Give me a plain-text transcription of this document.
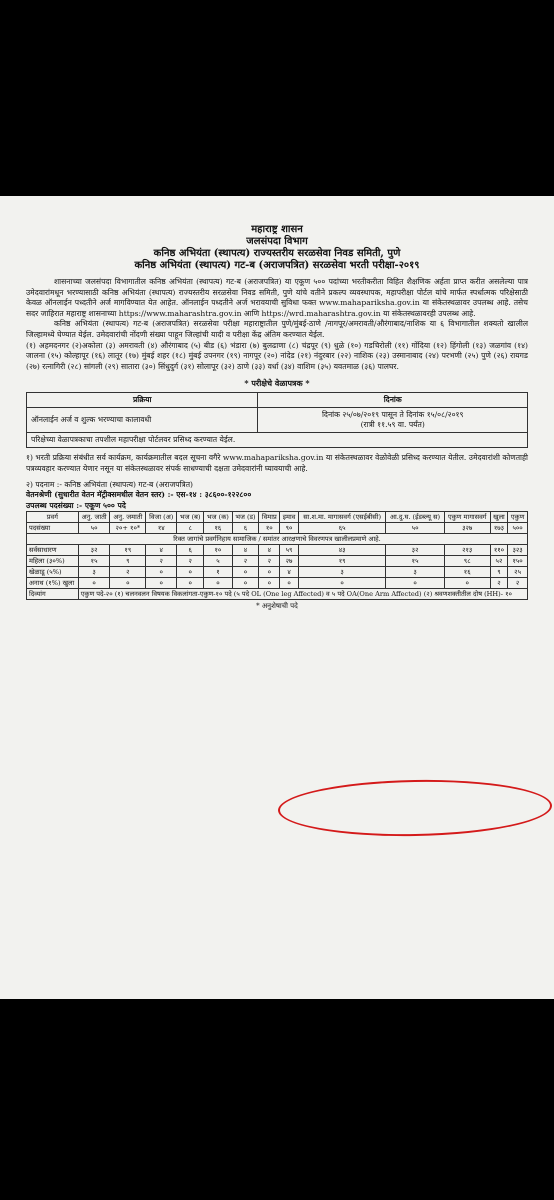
महाराष्ट्र शासन
जलसंपदा विभाग
कनिष्ठ अभियंता (स्थापत्य) राज्यस्तरीय सरळसेवा निवड समिती, पुणे
कनिष्ठ अभियंता (स्थापत्य) गट-ब (अराजपत्रित) सरळसेवा भरती परीक्षा-२०१९

शासनाच्या जलसंपदा विभागातील कनिष्ठ अभियंता (स्थापत्य) गट-ब (अराजपत्रित) या एकूण ५०० पदांच्या भरतीकरीता विहित शैक्षणिक अर्हता प्राप्त करीत असलेल्या पात्र उमेदवारांमधून भरण्यासाठी कनिष्ठ अभियंता (स्थापत्य) राज्यस्तरीय सरळसेवा निवड समिती, पुणे यांचे वतीने प्रकल्प व्यवस्थापक, महापरीक्षा पोर्टल यांचे मार्फत स्पर्धात्मक परिक्षेसाठी केवळ ऑनलाईन पध्दतीने अर्ज मागविण्यात येत आहेत. ऑनलाईन पध्दतीने अर्ज भरावयाची सुविधा फक्त www.mahapariksha.gov.in या संकेतस्थळावर उपलब्ध आहे. तसेच सदर जाहिरात महाराष्ट्र शासनाच्या https://www.maharashtra.gov.in आणि https://wrd.maharashtra.gov.in या संकेतस्थळावरही उपलब्ध आहे.

कनिष्ठ अभियंता (स्थापत्य) गट-ब (अराजपत्रित) सरळसेवा परीक्षा महाराष्ट्रातील पुणे/मुंबई-ठाणे /नागपूर/अमरावती/औरंगाबाद/नाशिक या ६ विभागातील शक्यतो खालील जिल्हामध्ये घेण्यात येईल. उमेदवारांची नोंदणी संख्या पाहून जिल्हांची यादी व परीक्षा केंद्र अंतिम करण्यात येईल.

(१) अहमदनगर (२)अकोला (३) अमरावती (४) औरंगाबाद (५) बीड (६) भंडारा (७) बुलढाणा (८) चंद्रपूर (९) धुळे (१०) गडचिरोली (११) गोंदिया (१२) हिंगोली (१३) जळगांव (१४) जालना (१५) कोल्हापूर (१६) लातूर (१७) मुंबई शहर (१८) मुंबई उपनगर (१९) नागपूर (२०) नांदेड (२१) नंदुरबार (२२) नाशिक (२३) उस्मानाबाद (२४) परभणी (२५) पुणे (२६) रायगड (२७) रत्नागिरी (२८) सांगली (२९) सातारा (३०) सिंधुदुर्ग (३१) सोलापूर (३२) ठाणे (३३) वर्धा (३४) वाशिम (३५) यवतमाळ (३६) पालघर.

* परीक्षेचे वेळापत्रक *
प्रक्रिया	दिनांक
ऑनलाईन अर्ज व शुल्क भरण्याचा कालावधी	दिनांक २५/०७/२०१९ पासून ते दिनांक १५/०८/२०१९
(रात्री ११.५९ वा. पर्यंत)

परिक्षेच्या वेळापत्रकाचा तपशील महापरीक्षा पोर्टलवर प्रसिध्द करण्यात येईल.	

१) भरती प्रक्रिया संबंधीत सर्व कार्यक्रम, कार्यक्रमातील बदल सूचना वगैरे www.mahapariksha.gov.in या संकेतस्थळावर वेळोवेळी प्रसिध्द करण्यात येतील. उमेदवारांशी कोणताही पत्रव्यवहार करण्यात येणार नसून या संकेतस्थळावर संपर्क साधण्याची दक्षता उमेदवारांनी घ्यावयाची आहे.

२) पदनाम :- कनिष्ठ अभियंता (स्थापत्य) गट-ब (अराजपत्रित)

वेतनश्रेणी (सुधारीत वेतन मॅट्रीक्समधील वेतन स्तर) :- एस-१४ : ३८६००-१२२८००

उपलब्ध पदसंख्या :- एकूण ५०० पदे

प्रवर्ग	अनु. जाती	अनु. जमाती	विजा (अ)	भज (ब)	भज (क)	भज (ड)	विमाप्र	इमाव	सा.श.मा. मागासवर्ग (एसईबीसी)	आ.दु.घ. (ईडब्ल्यू स)	एकुण मागासवर्ग	खुला	एकुण
पदसंख्या	५०	२०+ १०*	१४	८	१६	६	१०	९०	६५	५०	३२७	१७३	५००
रिक्त जागांचे प्रवर्गनिहाय सामाजिक / समांतर आरक्षणाचे विवरणपत्र खालीलप्रमाणे आहे.													
सर्वसाधारण	३२	१९	४	६	१०	४	४	५९	४३	३२	२१३	११०	३२३
महिला (३०%)	१५	९	२	२	५	२	२	२७	१९	१५	९८	५२	१५०
खेळाडू (५%)	३	२	०	०	१	०	०	४	३	३	१६	९	२५
अनाथ (१%) खुला	०	०	०	०	०	०	०	०	०	०	०	२	२
दिव्यांग	एकुण पदे-२० (१) चलनवलन विषयक विकलांगता-एकुण-१० पदे (५ पदे OL (One leg Affected) व ५ पदे OA(One Arm Affected) (२) श्रवणशक्तीतील दोष (HH)- १०												
* अनुशेषाची पदे
